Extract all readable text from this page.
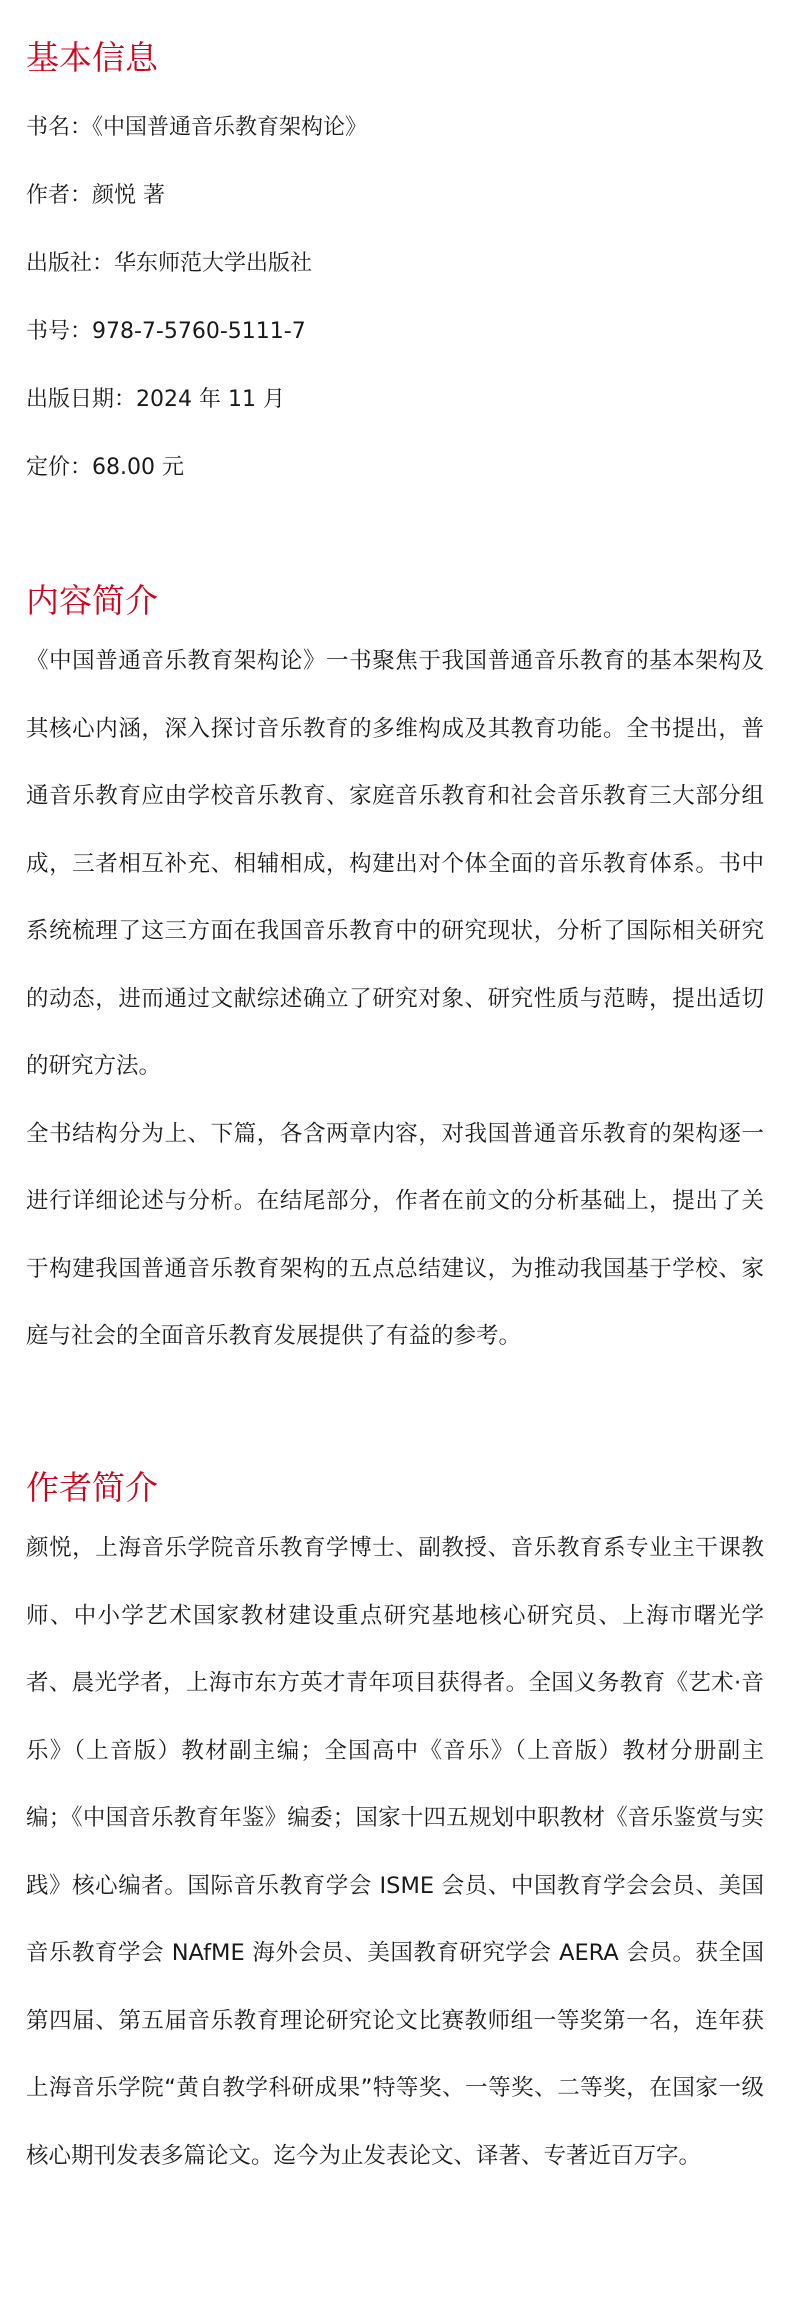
基本信息

书名：《中国普通音乐教育架构论》

作者：颜悦 著

出版社：华东师范大学出版社

书号：978-7-5760-5111-7

出版日期：2024 年 11 月

定价：68.00 元

内容简介

《中国普通音乐教育架构论》一书聚焦于我国普通音乐教育的基本架构及其核心内涵，深入探讨音乐教育的多维构成及其教育功能。全书提出，普通音乐教育应由学校音乐教育、家庭音乐教育和社会音乐教育三大部分组成，三者相互补充、相辅相成，构建出对个体全面的音乐教育体系。书中系统梳理了这三方面在我国音乐教育中的研究现状，分析了国际相关研究的动态，进而通过文献综述确立了研究对象、研究性质与范畴，提出适切的研究方法。

全书结构分为上、下篇，各含两章内容，对我国普通音乐教育的架构逐一进行详细论述与分析。在结尾部分，作者在前文的分析基础上，提出了关于构建我国普通音乐教育架构的五点总结建议，为推动我国基于学校、家庭与社会的全面音乐教育发展提供了有益的参考。

作者简介

颜悦，上海音乐学院音乐教育学博士、副教授、音乐教育系专业主干课教师、中小学艺术国家教材建设重点研究基地核心研究员、上海市曙光学者、晨光学者，上海市东方英才青年项目获得者。全国义务教育《艺术·音乐》（上音版）教材副主编；全国高中《音乐》（上音版）教材分册副主编；《中国音乐教育年鉴》编委；国家十四五规划中职教材《音乐鉴赏与实践》核心编者。国际音乐教育学会 ISME 会员、中国教育学会会员、美国音乐教育学会 NAfME 海外会员、美国教育研究学会 AERA 会员。获全国第四届、第五届音乐教育理论研究论文比赛教师组一等奖第一名，连年获上海音乐学院“黄自教学科研成果”特等奖、一等奖、二等奖，在国家一级核心期刊发表多篇论文。迄今为止发表论文、译著、专著近百万字。
